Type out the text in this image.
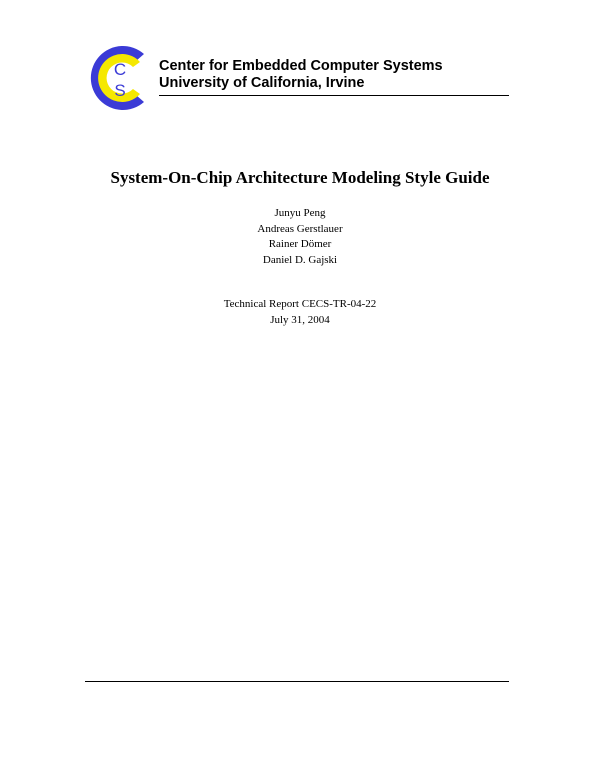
C
S
Center for Embedded Computer Systems
University of California, Irvine
System-On-Chip Architecture Modeling Style Guide
Junyu Peng
Andreas Gerstlauer
Rainer Dömer
Daniel D. Gajski
Technical Report CECS-TR-04-22
July 31, 2004
